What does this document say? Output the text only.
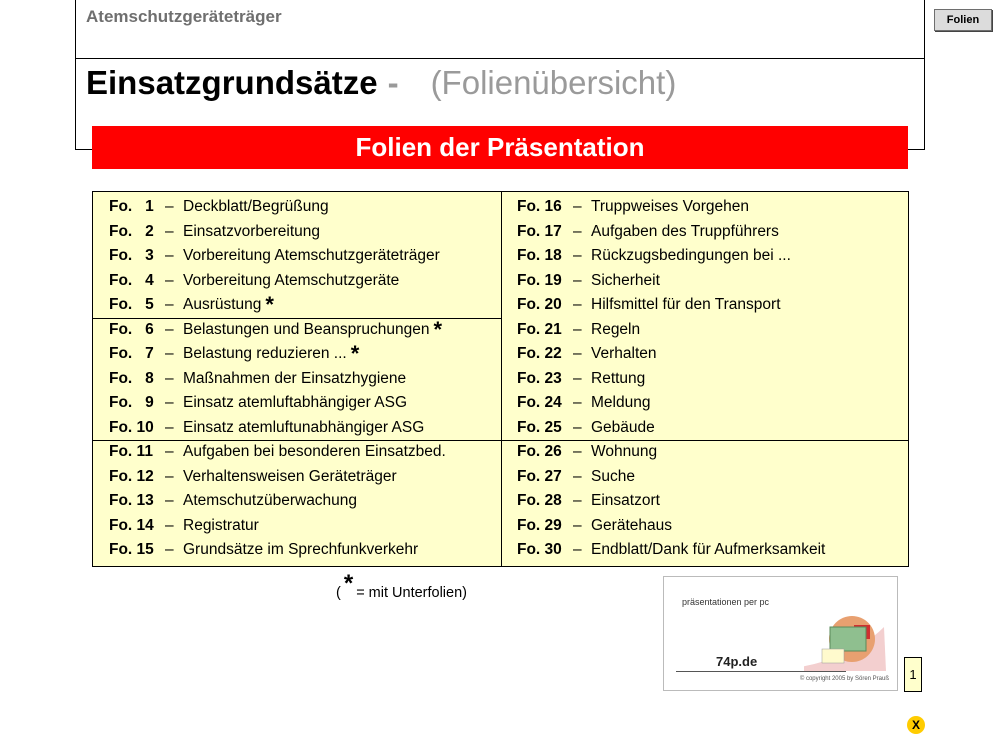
Atemschutzgeräteträger	Folien
Einsatzgrundsätze - (Folienübersicht)
Folien der Präsentation
Fo.   1 – Deckblatt/Begrüßung
Fo.   2 – Einsatzvorbereitung
Fo.   3 – Vorbereitung Atemschutzgeräteträger
Fo.   4 – Vorbereitung Atemschutzgeräte
Fo.   5 – Ausrüstung *
Fo.   6 – Belastungen und Beanspruchungen *
Fo.   7 – Belastung reduzieren ... *
Fo.   8 – Maßnahmen der Einsatzhygiene
Fo.   9 – Einsatz atemluftabhängiger ASG
Fo. 10 – Einsatz atemluftunabhängiger ASG
Fo. 11 – Aufgaben bei besonderen Einsatzbed.
Fo. 12 – Verhaltensweisen Geräteträger
Fo. 13 – Atemschutzüberwachung
Fo. 14 – Registratur
Fo. 15 – Grundsätze im Sprechfunkverkehr
Fo. 16 – Truppweises Vorgehen
Fo. 17 – Aufgaben des Truppführers
Fo. 18 – Rückzugsbedingungen bei ...
Fo. 19 – Sicherheit
Fo. 20 – Hilfsmittel für den Transport
Fo. 21 – Regeln
Fo. 22 – Verhalten
Fo. 23 – Rettung
Fo. 24 – Meldung
Fo. 25 – Gebäude
Fo. 26 – Wohnung
Fo. 27 – Suche
Fo. 28 – Einsatzort
Fo. 29 – Gerätehaus
Fo. 30 – Endblatt/Dank für Aufmerksamkeit
( * = mit Unterfolien)
präsentationen per pc
74p.de
© copyright 2005 by Sören Prauß	1
X
